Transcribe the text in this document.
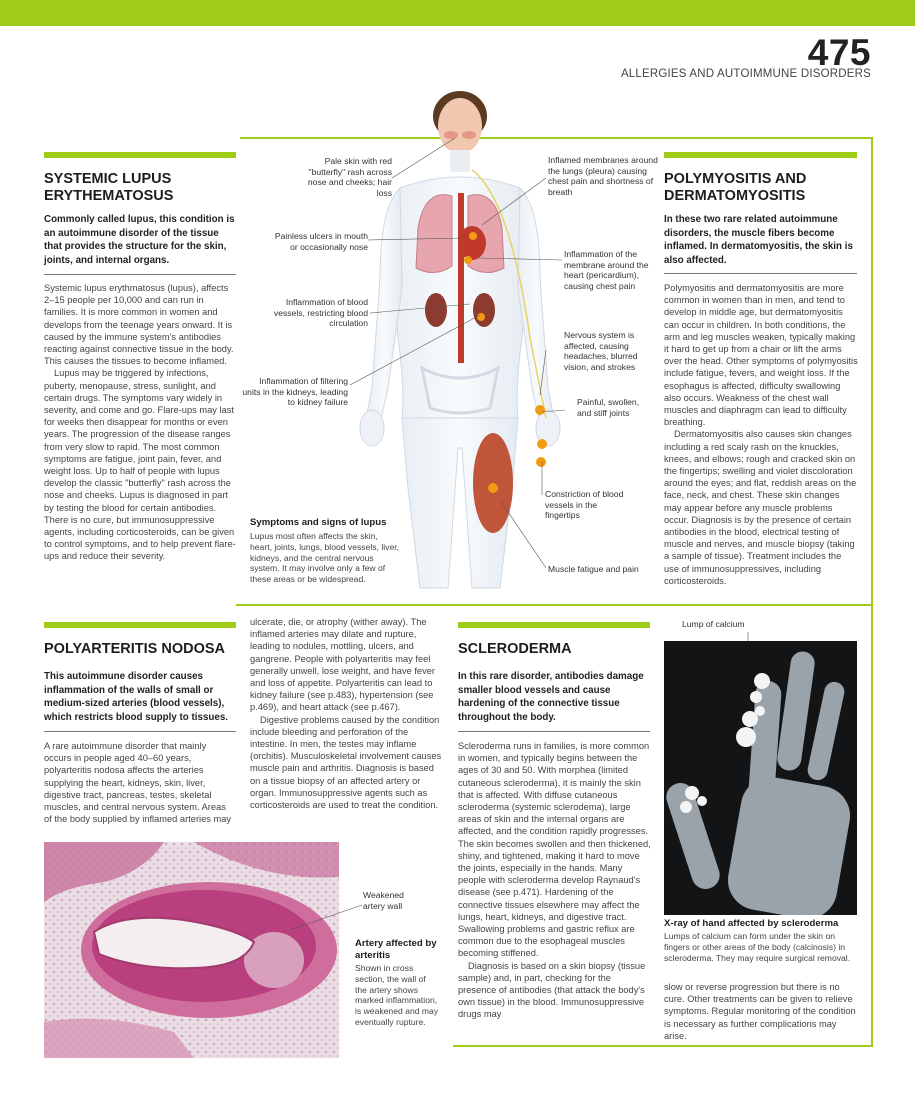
475
ALLERGIES AND AUTOIMMUNE DISORDERS
SYSTEMIC LUPUS
ERYTHEMATOSUS
Commonly called lupus, this condition is an autoimmune disorder of the tissue that provides the structure for the skin, joints, and internal organs.

Systemic lupus erythmatosus (lupus), affects 2–15 people per 10,000 and can run in families. It is more common in women and develops from the teenage years onward. It is caused by the immune system's antibodies reacting against connective tissue in the body. This causes the tissues to become inflamed.

Lupus may be triggered by infections, puberty, menopause, stress, sunlight, and certain drugs. The symptoms vary widely in severity, and come and go. Flare-ups may last for weeks then disappear for months or even years. The progression of the disease ranges from very slow to rapid. The most common symptoms are fatigue, joint pain, fever, and weight loss. Up to half of people with lupus develop the classic "butterfly" rash across the nose and cheeks. Lupus is diagnosed in part by testing the blood for certain antibodies. There is no cure, but immunosuppressive agents, including corticosteroids, can be given to control symptoms, and to help prevent flare-ups and reduce their severity.

Pale skin with red "butterfly" rash across nose and cheeks; hair loss
Painless ulcers in mouth or occasionally nose
Inflammation of blood vessels, restricting blood circulation
Inflammation of filtering units in the kidneys, leading to kidney failure
Inflamed membranes around the lungs (pleura) causing chest pain and shortness of breath
Inflammation of the membrane around the heart (pericardium), causing chest pain
Nervous system is affected, causing headaches, blurred vision, and strokes
Painful, swollen, and stiff joints
Constriction of blood vessels in the fingertips
Muscle fatigue and pain
Symptoms and signs of lupus
Lupus most often affects the skin, heart, joints, lungs, blood vessels, liver, kidneys, and the central nervous system. It may involve only a few of these areas or be widespread.
POLYMYOSITIS AND
DERMATOMYOSITIS
In these two rare related autoimmune disorders, the muscle fibers become inflamed. In dermatomyositis, the skin is also affected.

Polymyositis and dermatomyositis are more common in women than in men, and tend to develop in middle age, but dermatomyositis can occur in children. In both conditions, the arm and leg muscles weaken, typically making it hard to get up from a chair or lift the arms over the head. Other symptoms of polymyositis include fatigue, fevers, and weight loss. If the esophagus is affected, difficulty swallowing also occurs. Weakness of the chest wall muscles and diaphragm can lead to difficulty breathing.

Dermatomyositis also causes skin changes including a red scaly rash on the knuckles, knees, and elbows; rough and cracked skin on the fingertips; swelling and violet discoloration around the eyes; and flat, reddish areas on the face, neck, and chest. These skin changes may appear before any muscle problems occur. Diagnosis is by the presence of certain antibodies in the blood, electrical testing of muscle and nerves, and muscle biopsy (taking a sample of tissue). Treatment includes the use of immunosuppressives, including corticosteroids.

POLYARTERITIS NODOSA
This autoimmune disorder causes inflammation of the walls of small or medium-sized arteries (blood vessels), which restricts blood supply to tissues.

A rare autoimmune disorder that mainly occurs in people aged 40–60 years, polyarteritis nodosa affects the arteries supplying the heart, kidneys, skin, liver, digestive tract, pancreas, testes, skeletal muscles, and central nervous system. Areas of the body supplied by inflamed arteries may

ulcerate, die, or atrophy (wither away). The inflamed arteries may dilate and rupture, leading to nodules, mottling, ulcers, and gangrene. People with polyarteritis may feel generally unwell, lose weight, and have fever and loss of appetite. Polyarteritis can lead to kidney failure (see p.483), hypertension (see p.469), and heart attack (see p.467).

Digestive problems caused by the condition include bleeding and perforation of the intestine. In men, the testes may inflame (orchitis). Musculoskeletal involvement causes muscle pain and arthritis. Diagnosis is based on a tissue biopsy of an affected artery or organ. Immunosuppressive agents such as corticosteroids are used to treat the condition.

Weakened artery wall
Artery affected by arteritis
Shown in cross section, the wall of the artery shows marked inflammation, is weakened and may eventually rupture.
SCLERODERMA
In this rare disorder, antibodies damage smaller blood vessels and cause hardening of the connective tissue throughout the body.

Scleroderma runs in families, is more common in women, and typically begins between the ages of 30 and 50. With morphea (limited cutaneous scleroderma), it is mainly the skin that is affected. With diffuse cutaneous scleroderma (systemic sclerodema), large areas of skin and the internal organs are affected, and the condition rapidly progresses. The skin becomes swollen and then thickened, shiny, and tightened, making it hard to move the joints, especially in the hands. Many people with scleroderma develop Raynaud's disease (see p.471). Hardening of the connective tissues elsewhere may affect the lungs, heart, kidneys, and digestive tract. Swallowing problems and gastric reflux are common due to the esophageal muscles becoming stiffened.

Diagnosis is based on a skin biopsy (tissue sample) and, in part, checking for the presence of antibodies (that attack the body's own tissue) in the blood. Immunosuppressive drugs may

slow or reverse progression but there is no cure. Other treatments can be given to relieve symptoms. Regular monitoring of the condition is necessary as further complications may arise.

Lump of calcium
X-ray of hand affected by scleroderma
Lumps of calcium can form under the skin on fingers or other areas of the body (calcinosis) in scleroderma. They may require surgical removal.
